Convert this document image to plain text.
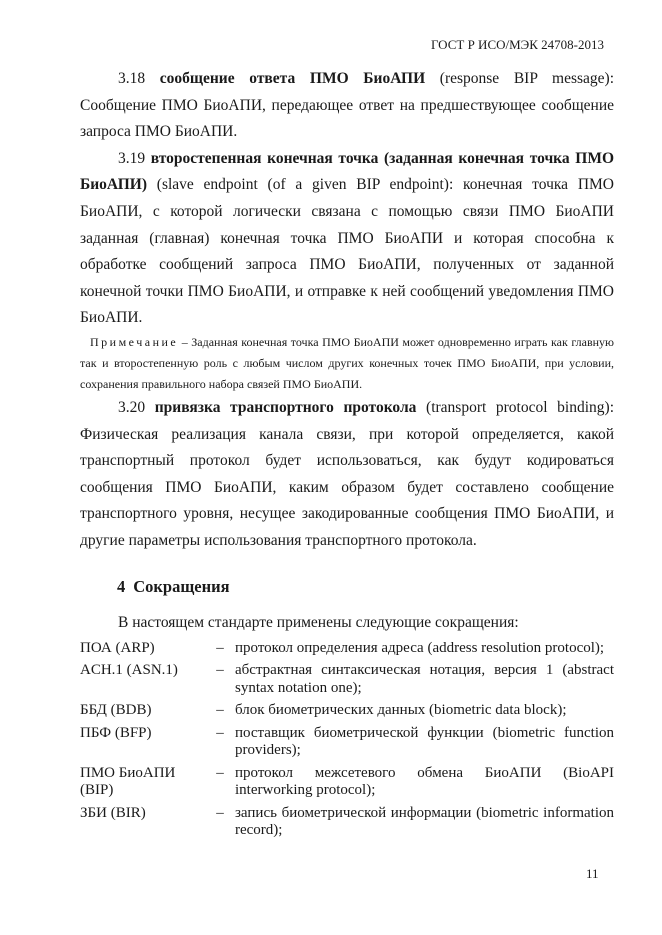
ГОСТ Р ИСО/МЭК 24708-2013

3.18 сообщение ответа ПМО БиоАПИ (response BIP message): Сообщение ПМО БиоАПИ, передающее ответ на предшествующее сообщение запроса ПМО БиоАПИ.

3.19 второстепенная конечная точка (заданная конечная точка ПМО БиоАПИ) (slave endpoint (of a given BIP endpoint): конечная точка ПМО БиоАПИ, с которой логически связана с помощью связи ПМО БиоАПИ заданная (главная) конечная точка ПМО БиоАПИ и которая способна к обработке сообщений запроса ПМО БиоАПИ, полученных от заданной конечной точки ПМО БиоАПИ, и отправке к ней сообщений уведомления ПМО БиоАПИ.

Примечание – Заданная конечная точка ПМО БиоАПИ может одновременно играть как главную так и второстепенную роль с любым числом других конечных точек ПМО БиоАПИ, при условии, сохранения правильного набора связей ПМО БиоАПИ.

3.20 привязка транспортного протокола (transport protocol binding): Физическая реализация канала связи, при которой определяется, какой транспортный протокол будет использоваться, как будут кодироваться сообщения ПМО БиоАПИ, каким образом будет составлено сообщение транспортного уровня, несущее закодированные сообщения ПМО БиоАПИ, и другие параметры использования транспортного протокола.

4 Сокращения

В настоящем стандарте применены следующие сокращения:

ПОА (ARP)	– протокол определения адреса (address resolution protocol);
ACH.1 (ASN.1)	– абстрактная синтаксическая нотация, версия 1 (abstract syntax notation one);
ББД (BDB)	– блок биометрических данных (biometric data block);
ПБФ (BFP)	– поставщик биометрической функции (biometric function providers);
ПМО БиоАПИ (BIP)
– протокол межсетевого обмена БиоАПИ (BioAPI interworking protocol);
ЗБИ (BIR)	– запись биометрической информации (biometric information record);
11
